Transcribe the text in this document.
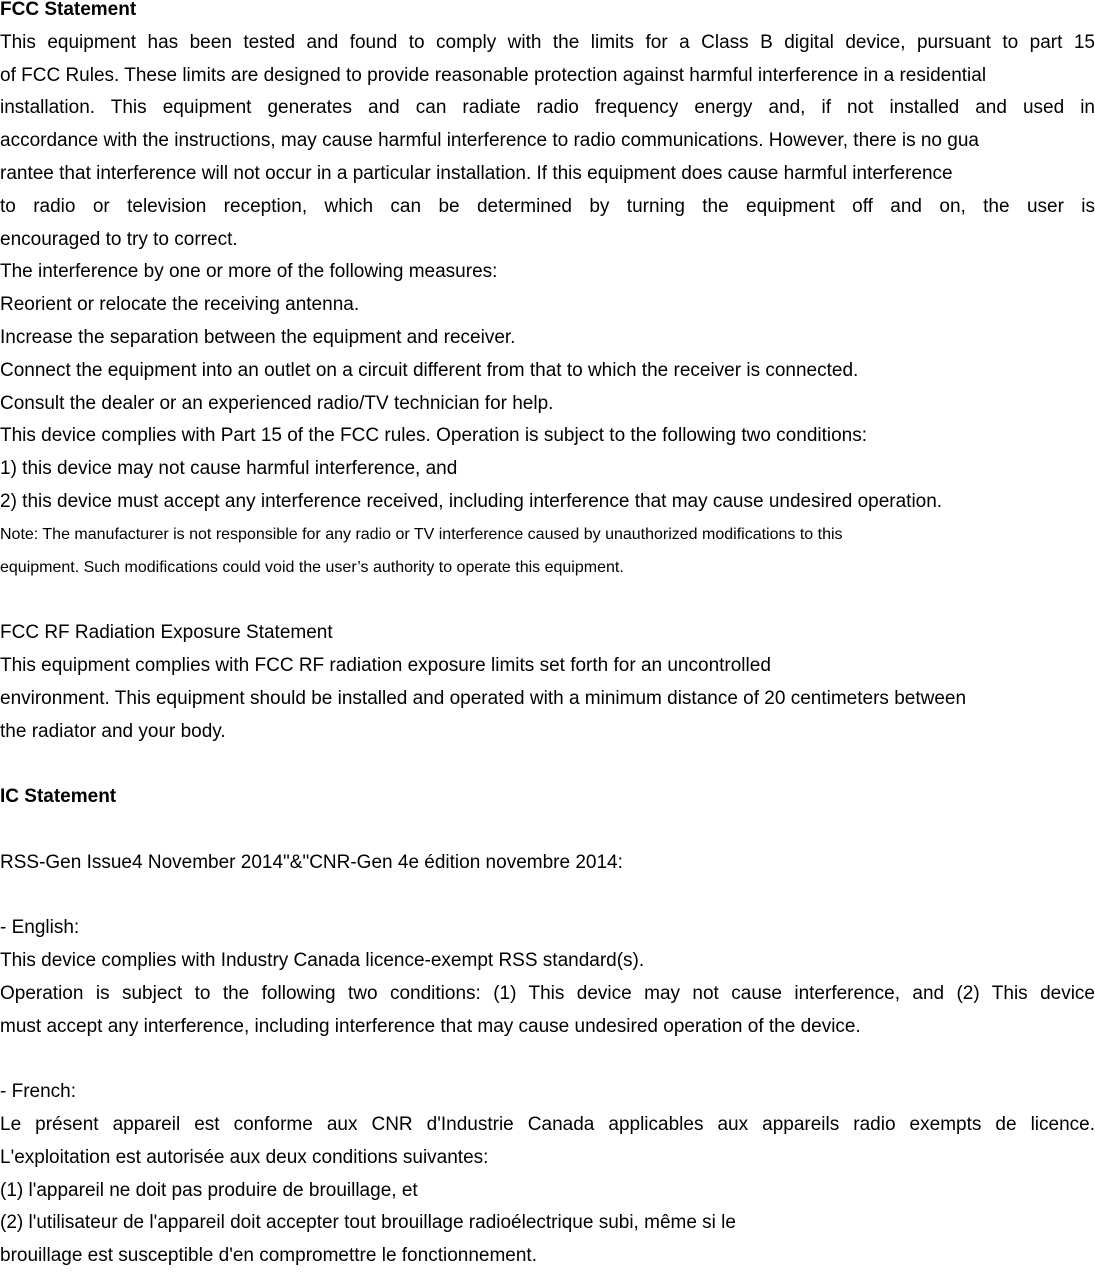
FCC Statement
This equipment has been tested and found to comply with the limits for a Class B digital device, pursuant to part 15
of FCC Rules. These limits are designed to provide reasonable protection against harmful interference in a residential
installation. This equipment generates and can radiate radio frequency energy and, if not installed and used in
accordance with the instructions, may cause harmful interference to radio communications. However, there is no gua
rantee that interference will not occur in a particular installation. If this equipment does cause harmful interference
to radio or television reception, which can be determined by turning the equipment off and on, the user is
encouraged to try to correct.
The interference by one or more of the following measures:
Reorient or relocate the receiving antenna.
Increase the separation between the equipment and receiver.
Connect the equipment into an outlet on a circuit different from that to which the receiver is connected.
Consult the dealer or an experienced radio/TV technician for help.
This device complies with Part 15 of the FCC rules. Operation is subject to the following two conditions:
1) this device may not cause harmful interference, and
2) this device must accept any interference received, including interference that may cause undesired operation.
Note: The manufacturer is not responsible for any radio or TV interference caused by unauthorized modifications to this
equipment. Such modifications could void the user’s authority to operate this equipment.
FCC RF Radiation Exposure Statement
This equipment complies with FCC RF radiation exposure limits set forth for an uncontrolled
environment. This equipment should be installed and operated with a minimum distance of 20 centimeters between
the radiator and your body.
IC Statement
RSS-Gen Issue4 November 2014"&"CNR-Gen 4e édition novembre 2014:
- English:
This device complies with Industry Canada licence-exempt RSS standard(s).
Operation is subject to the following two conditions: (1) This device may not cause interference, and (2) This device
must accept any interference, including interference that may cause undesired operation of the device.
- French:
Le présent appareil est conforme aux CNR d'Industrie Canada applicables aux appareils radio exempts de licence.
L'exploitation est autorisée aux deux conditions suivantes:
(1) l'appareil ne doit pas produire de brouillage, et
(2) l'utilisateur de l'appareil doit accepter tout brouillage radioélectrique subi, même si le
brouillage est susceptible d'en compromettre le fonctionnement.
